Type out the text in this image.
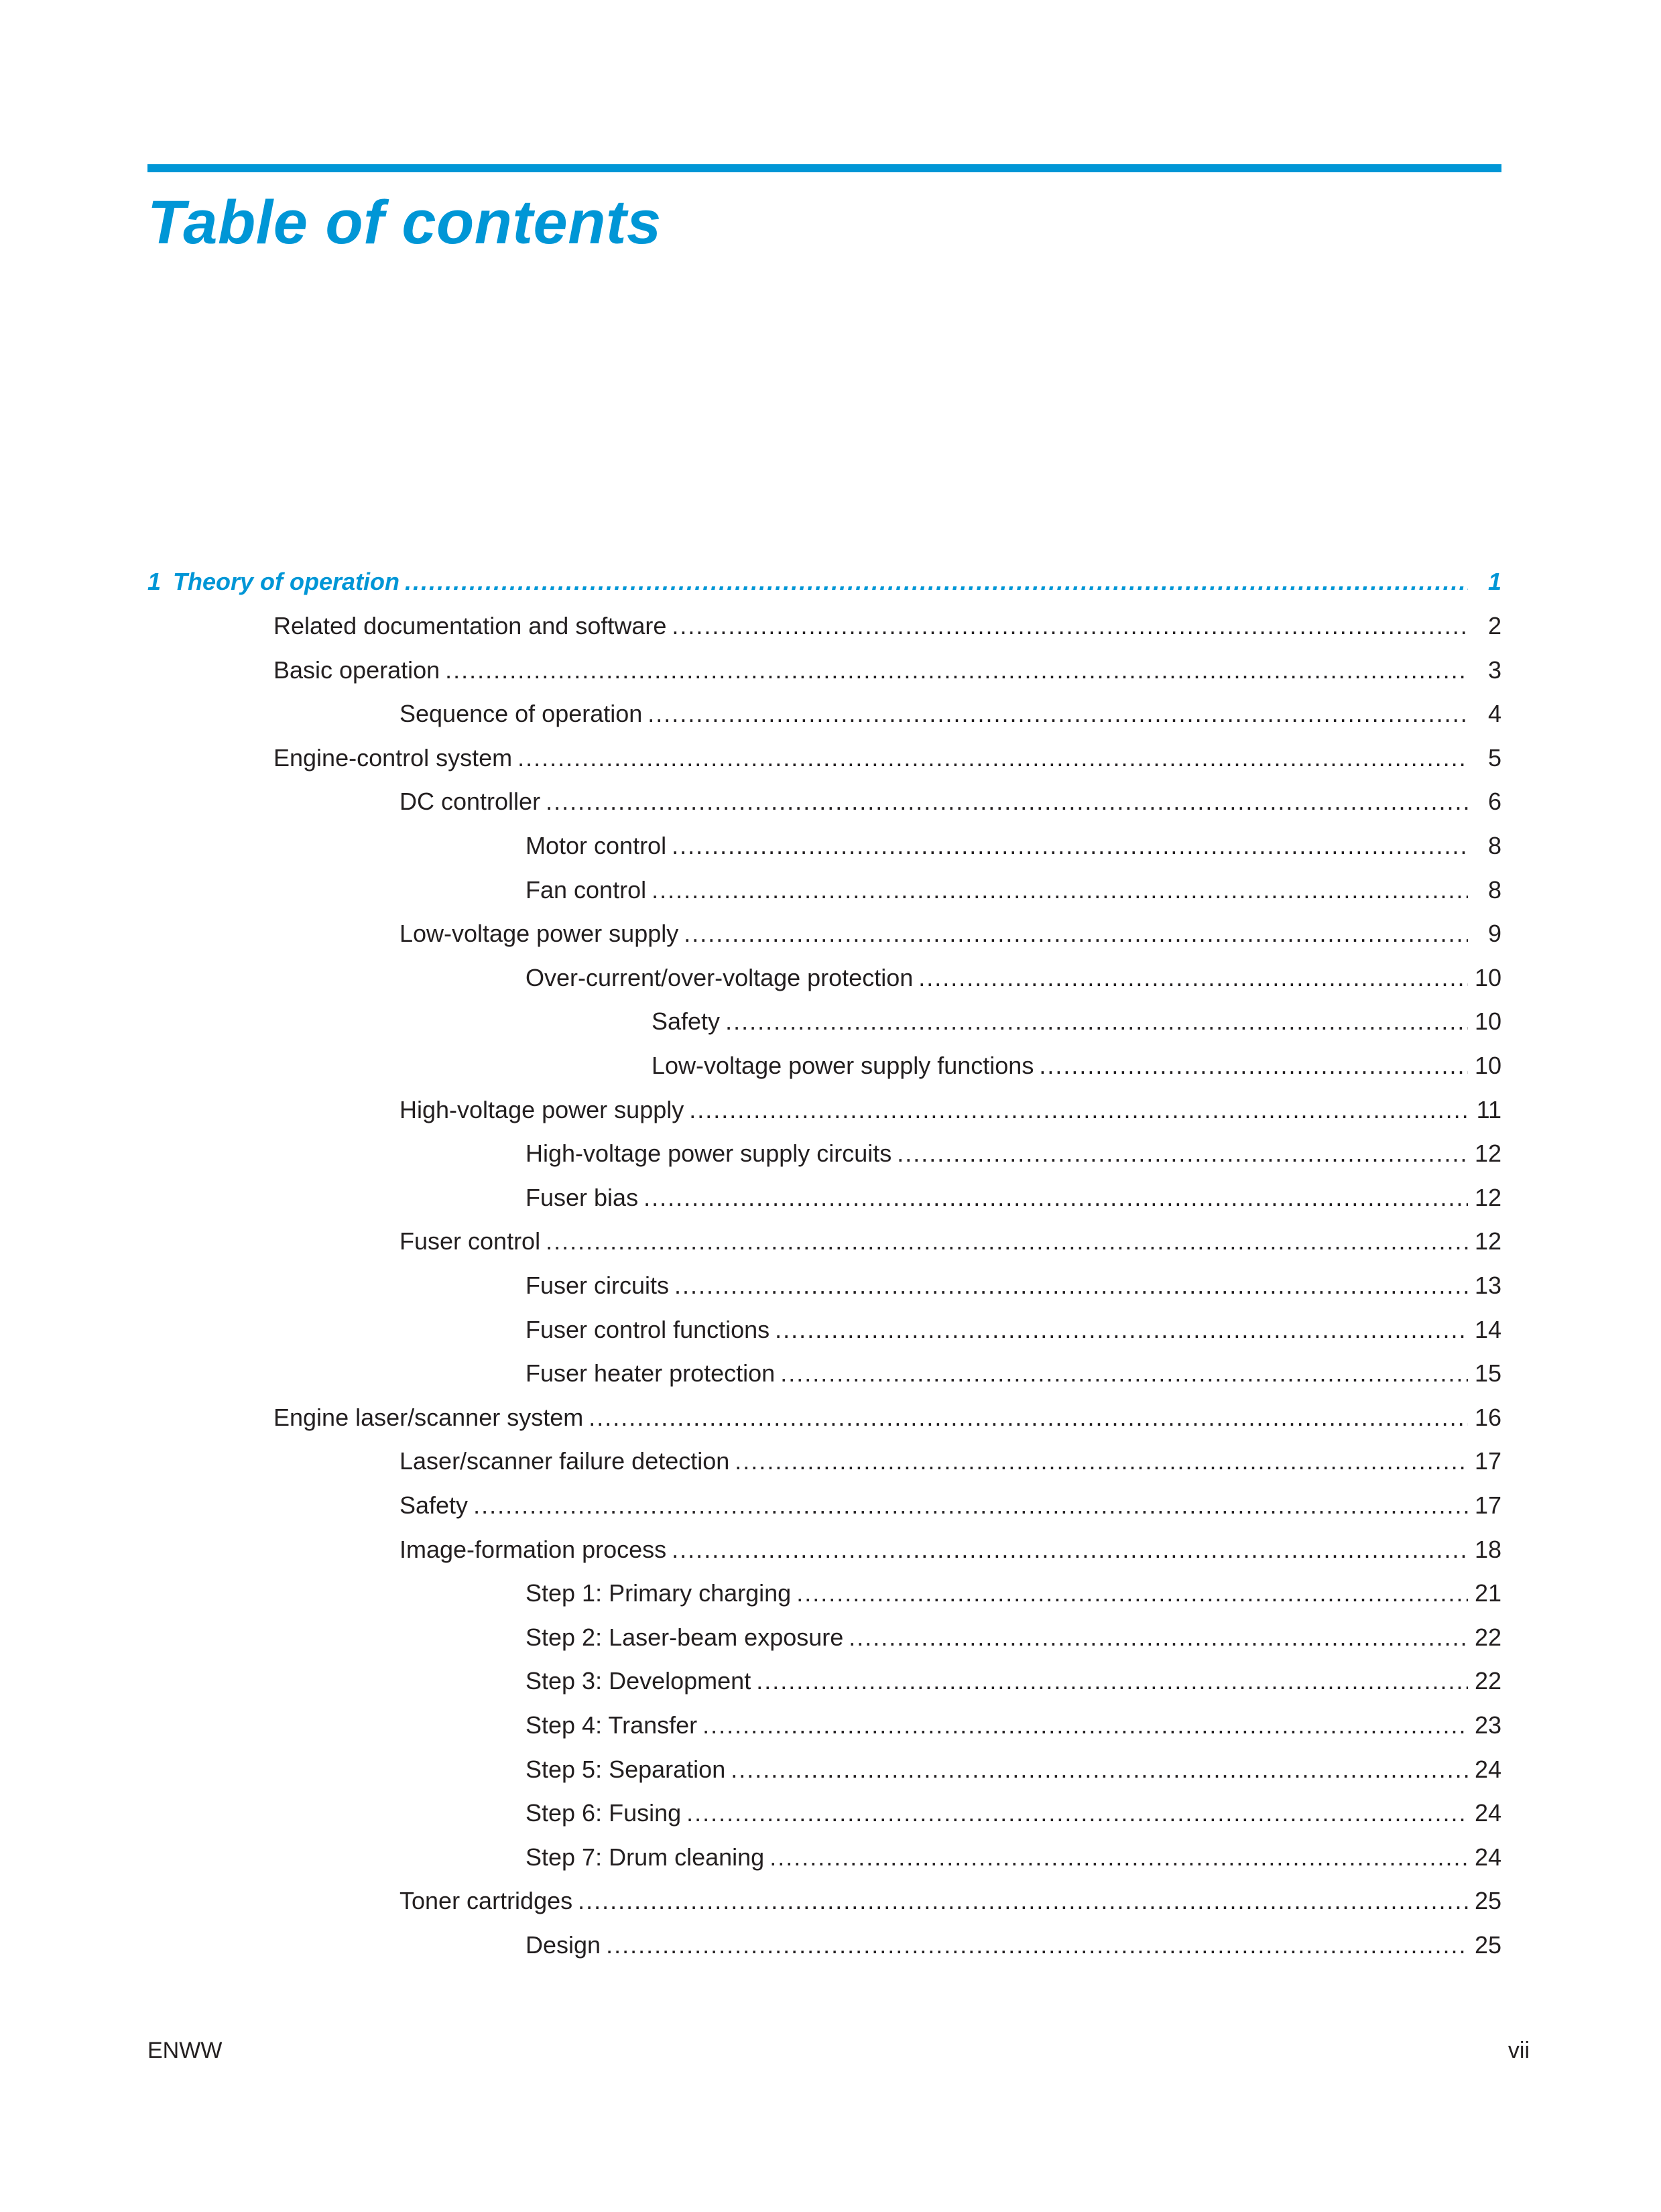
Table of contents
1 Theory of operation . . .	1
Related documentation and software . . .	2
Basic operation . . .	3
Sequence of operation . . .	4
Engine-control system . . .	5
DC controller . . .	6
Motor control . . .	8
Fan control . . .	8
Low-voltage power supply . . .	9
Over-current/over-voltage protection . . .	10
Safety . . .	10
Low-voltage power supply functions . . .	10
High-voltage power supply . . .	11
High-voltage power supply circuits . . .	12
Fuser bias . . .	12
Fuser control . . .	12
Fuser circuits . . .	13
Fuser control functions . . .	14
Fuser heater protection . . .	15
Engine laser/scanner system . . .	16
Laser/scanner failure detection . . .	17
Safety . . .	17
Image-formation process . . .	18
Step 1: Primary charging . . .	21
Step 2: Laser-beam exposure . . .	22
Step 3: Development . . .	22
Step 4: Transfer . . .	23
Step 5: Separation . . .	24
Step 6: Fusing . . .	24
Step 7: Drum cleaning . . .	24
Toner cartridges . . .	25
Design . . .	25
ENWW	vii
